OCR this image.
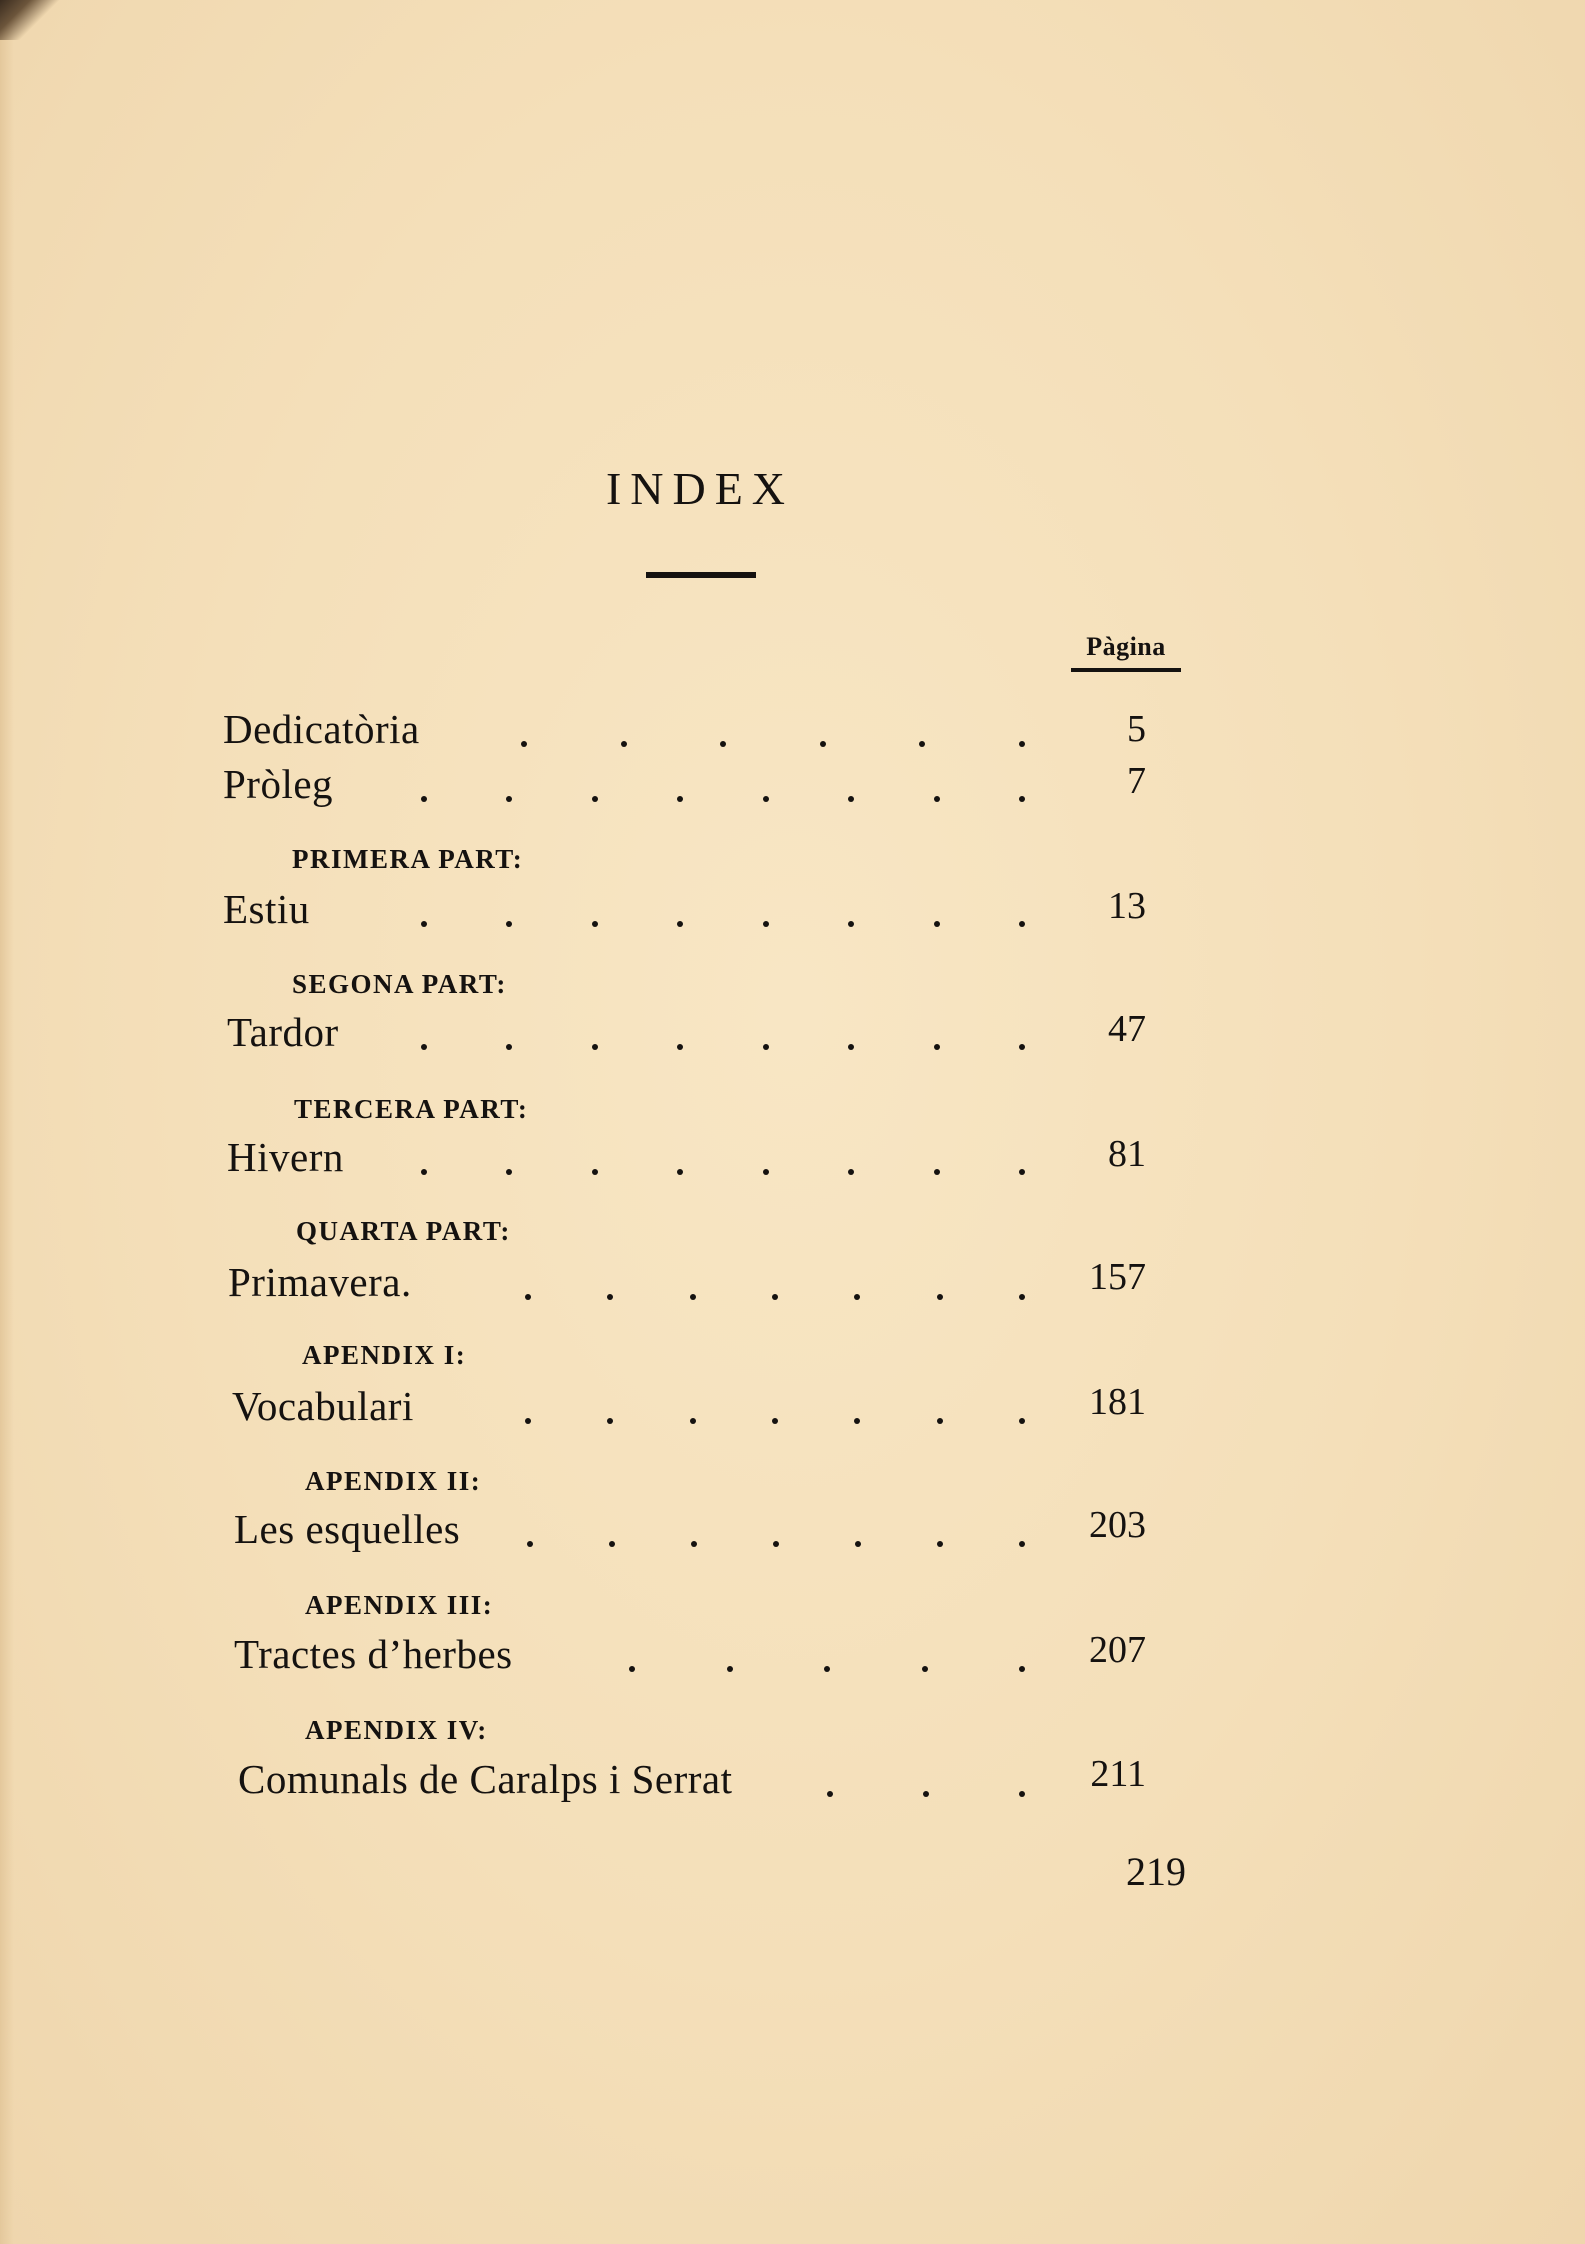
INDEX
Pàgina
Dedicatòria	5
Pròleg	7
PRIMERA PART:
Estiu	13
SEGONA PART:
Tardor	47
TERCERA PART:
Hivern	81
QUARTA PART:
Primavera.	157
APENDIX I:
Vocabulari	181
APENDIX II:
Les esquelles	203
APENDIX III:
Tractes d’herbes	207
APENDIX IV:
Comunals de Caralps i Serrat	211
219
